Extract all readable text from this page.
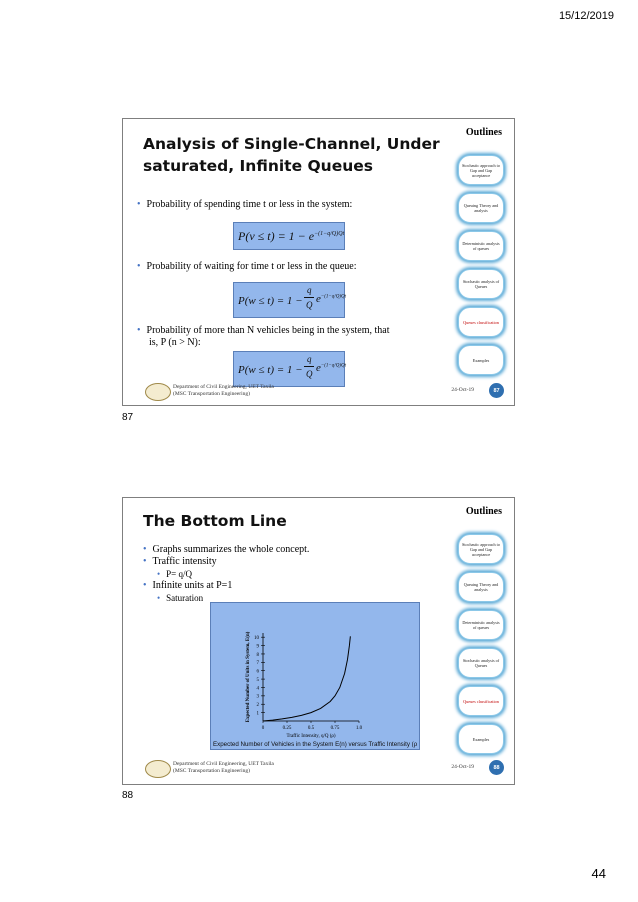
15/12/2019
Analysis of Single-Channel, Under
saturated, Infinite Queues
Outlines
• Probability of spending time t or less in the system:
• Probability of waiting for time t or less in the queue:
• Probability of more than N vehicles being in the system, that
is, P (n > N):
$P(v \le t) = 1 - e^{-(1-q/Q)Qt}$
P(w ≤ t) = 1 −
q
Q $e^{-(1-q/Q)Qt}$
P(w ≤ t) = 1 −
q
Q $e^{-(1-q/Q)Qt}$
Stochastic approach to Gap and Gap acceptance
Queuing Theory and analysis
Deterministic analysis of queues
Stochastic analysis of Queues
Queues classification
Examples
Department of Civil Engineering, UET Taxila
(MSC Transportation Engineering)
24-Oct-19	87
87
The Bottom Line
Outlines
• Graphs summarizes the whole concept.
• Traffic intensity
• P= q/Q
• Infinite units at P=1
• Saturation
1
2
3
4
5
6
7
8
9
10
0	0.25	0.5	0.75	1.0
Traffic Intensity, q/Q (ρ)
Expected Number of Units in System, E(n)
Expected Number of Vehicles in the System E(n) versus Traffic Intensity (ρ
Stochastic approach to Gap and Gap acceptance
Queuing Theory and analysis
Deterministic analysis of queues
Stochastic analysis of Queues
Queues classification
Examples
Department of Civil Engineering, UET Taxila
(MSC Transportation Engineering)
24-Oct-19	88
88
44
